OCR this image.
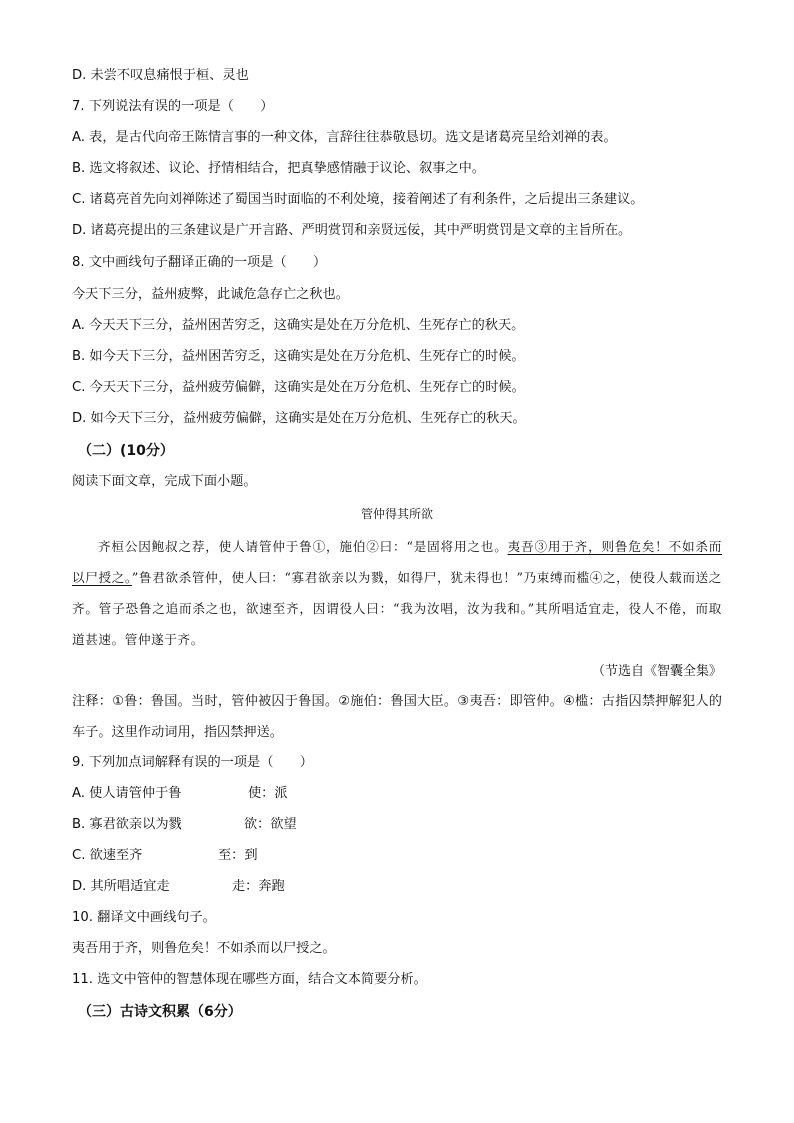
D. 未尝不叹息痛恨于桓、灵也
7. 下列说法有误的一项是（　　）
A. 表，是古代向帝王陈情言事的一种文体，言辞往往恭敬恳切。选文是诸葛亮呈给刘禅的表。
B. 选文将叙述、议论、抒情相结合，把真挚感情融于议论、叙事之中。
C. 诸葛亮首先向刘禅陈述了蜀国当时面临的不利处境，接着阐述了有利条件，之后提出三条建议。
D. 诸葛亮提出的三条建议是广开言路、严明赏罚和亲贤远佞，其中严明赏罚是文章的主旨所在。
8. 文中画线句子翻译正确的一项是（　　）
今天下三分，益州疲弊，此诚危急存亡之秋也。
A. 今天天下三分，益州困苦穷乏，这确实是处在万分危机、生死存亡的秋天。
B. 如今天下三分，益州困苦穷乏，这确实是处在万分危机、生死存亡的时候。
C. 今天天下三分，益州疲劳偏僻，这确实是处在万分危机、生死存亡的时候。
D. 如今天下三分，益州疲劳偏僻，这确实是处在万分危机、生死存亡的秋天。
（二）(10分）
阅读下面文章，完成下面小题。
管仲得其所欲
齐桓公因鲍叔之荐，使人请管仲于鲁①，施伯②曰：“是固将用之也。夷吾③用于齐，则鲁危矣！不如杀而以尸授之。”鲁君欲杀管仲，使人曰：“寡君欲亲以为戮，如得尸，犹未得也！”乃束缚而槛④之，使役人载而送之齐。管子恐鲁之追而杀之也，欲速至齐，因谓役人曰：“我为汝唱，汝为我和。”其所唱适宜走，役人不倦，而取道甚速。管仲遂于齐。
（节选自《智囊全集》
注释：①鲁：鲁国。当时，管仲被囚于鲁国。②施伯：鲁国大臣。③夷吾：即管仲。④槛：古指囚禁押解犯人的车子。这里作动词用，指囚禁押送。
9. 下列加点词解释有误的一项是（　　）
A. 使人请管仲于鲁	使：派
B. 寡君欲亲以为戮	欲：欲望
C. 欲速至齐	至：到
D. 其所唱适宜走	走：奔跑
10. 翻译文中画线句子。
夷吾用于齐，则鲁危矣！不如杀而以尸授之。
11. 选文中管仲的智慧体现在哪些方面，结合文本简要分析。
（三）古诗文积累（6分）
